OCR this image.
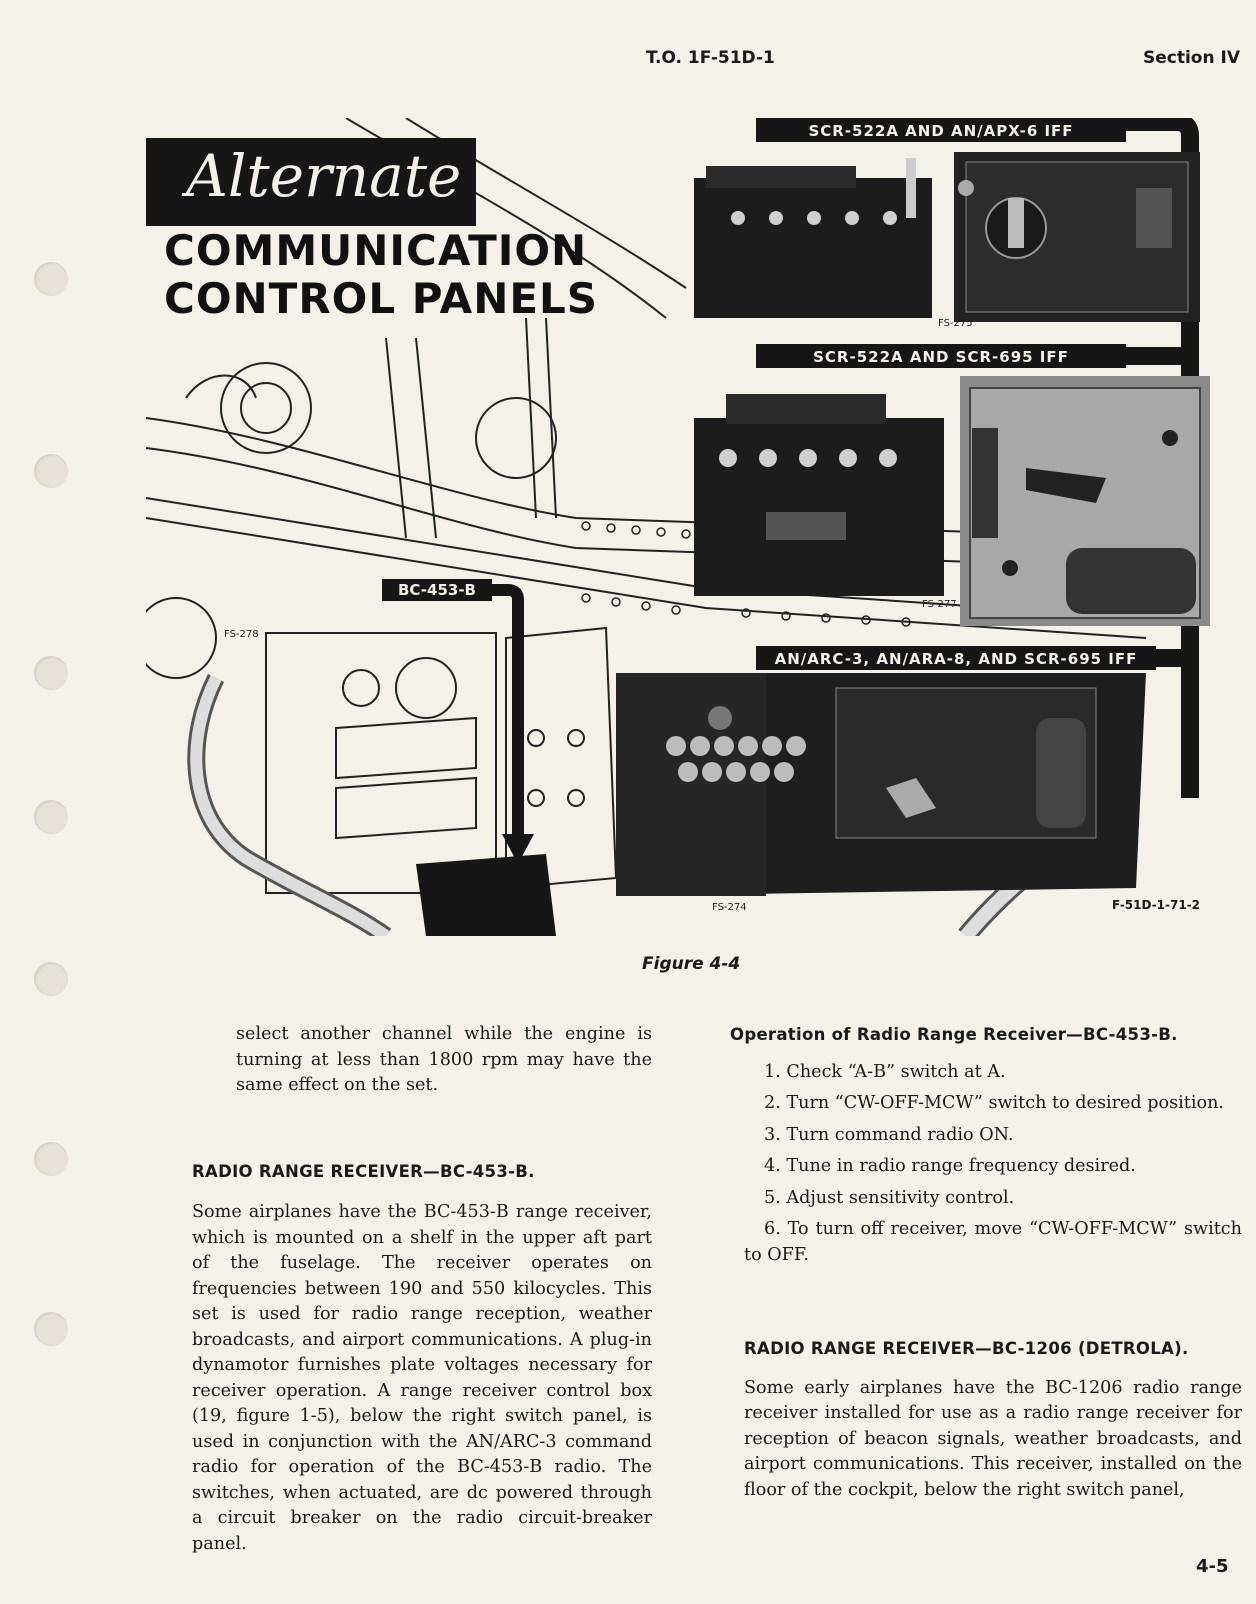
T.O. 1F-51D-1	Section IV
Alternate
COMMUNICATION
CONTROL PANELS
SCR-522A AND AN/APX-6 IFF
SCR-522A AND SCR-695 IFF
AN/ARC-3, AN/ARA-8, AND SCR-695 IFF
BC-453-B
FS-275
FS-277
FS-278
FS-274	F-51D-1-71-2
Figure 4-4

select another channel while the engine is turning at less than 1800 rpm may have the same effect on the set.

RADIO RANGE RECEIVER—BC-453-B.

Some airplanes have the BC-453-B range receiver, which is mounted on a shelf in the upper aft part of the fuselage. The receiver operates on frequencies between 190 and 550 kilocycles. This set is used for radio range reception, weather broadcasts, and airport communications. A plug-in dynamotor furnishes plate voltages necessary for receiver operation. A range receiver control box (19, figure 1-5), below the right switch panel, is used in conjunction with the AN/ARC-3 command radio for operation of the BC-453-B radio. The switches, when actuated, are dc powered through a circuit breaker on the radio circuit-breaker panel.

Operation of Radio Range Receiver—BC-453-B.

1. Check “A-B” switch at A.
2. Turn “CW-OFF-MCW” switch to desired position.
3. Turn command radio ON.
4. Tune in radio range frequency desired.
5. Adjust sensitivity control.
6. To turn off receiver, move “CW-OFF-MCW” switch to OFF.

RADIO RANGE RECEIVER—BC-1206 (DETROLA).

Some early airplanes have the BC-1206 radio range receiver installed for use as a radio range receiver for reception of beacon signals, weather broadcasts, and airport communications. This receiver, installed on the floor of the cockpit, below the right switch panel,

4-5
